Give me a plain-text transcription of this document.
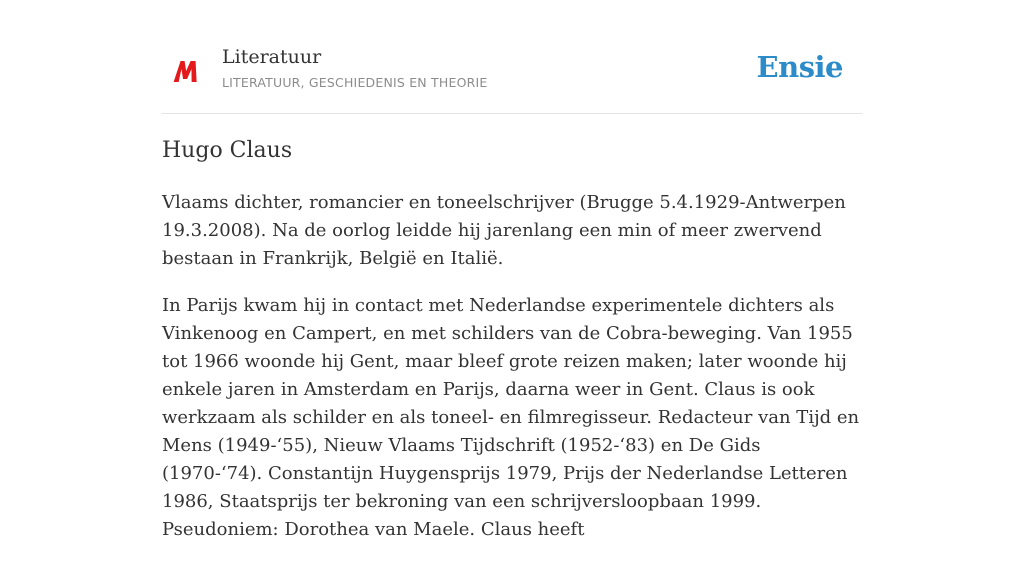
Literatuur
LITERATUUR, GESCHIEDENIS EN THEORIE	Ensie
Hugo Claus

Vlaams dichter, romancier en toneelschrijver (Brugge 5.4.1929-Antwerpen 19.3.2008). Na de oorlog leidde hij jarenlang een min of meer zwervend bestaan in Frankrijk, België en Italië.

In Parijs kwam hij in contact met Nederlandse experimentele dichters als Vinkenoog en Campert, en met schilders van de Cobra-beweging. Van 1955 tot 1966 woonde hij Gent, maar bleef grote reizen maken; later woonde hij enkele jaren in Amsterdam en Parijs, daarna weer in Gent. Claus is ook werkzaam als schilder en als toneel- en filmregisseur. Redacteur van Tijd en Mens (1949-‘55), Nieuw Vlaams Tijdschrift (1952-‘83) en De Gids (1970-‘74). Constantijn Huygensprijs 1979, Prijs der Nederlandse Letteren 1986, Staatsprijs ter bekroning van een schrijversloopbaan 1999. Pseudoniem: Dorothea van Maele. Claus heeft
